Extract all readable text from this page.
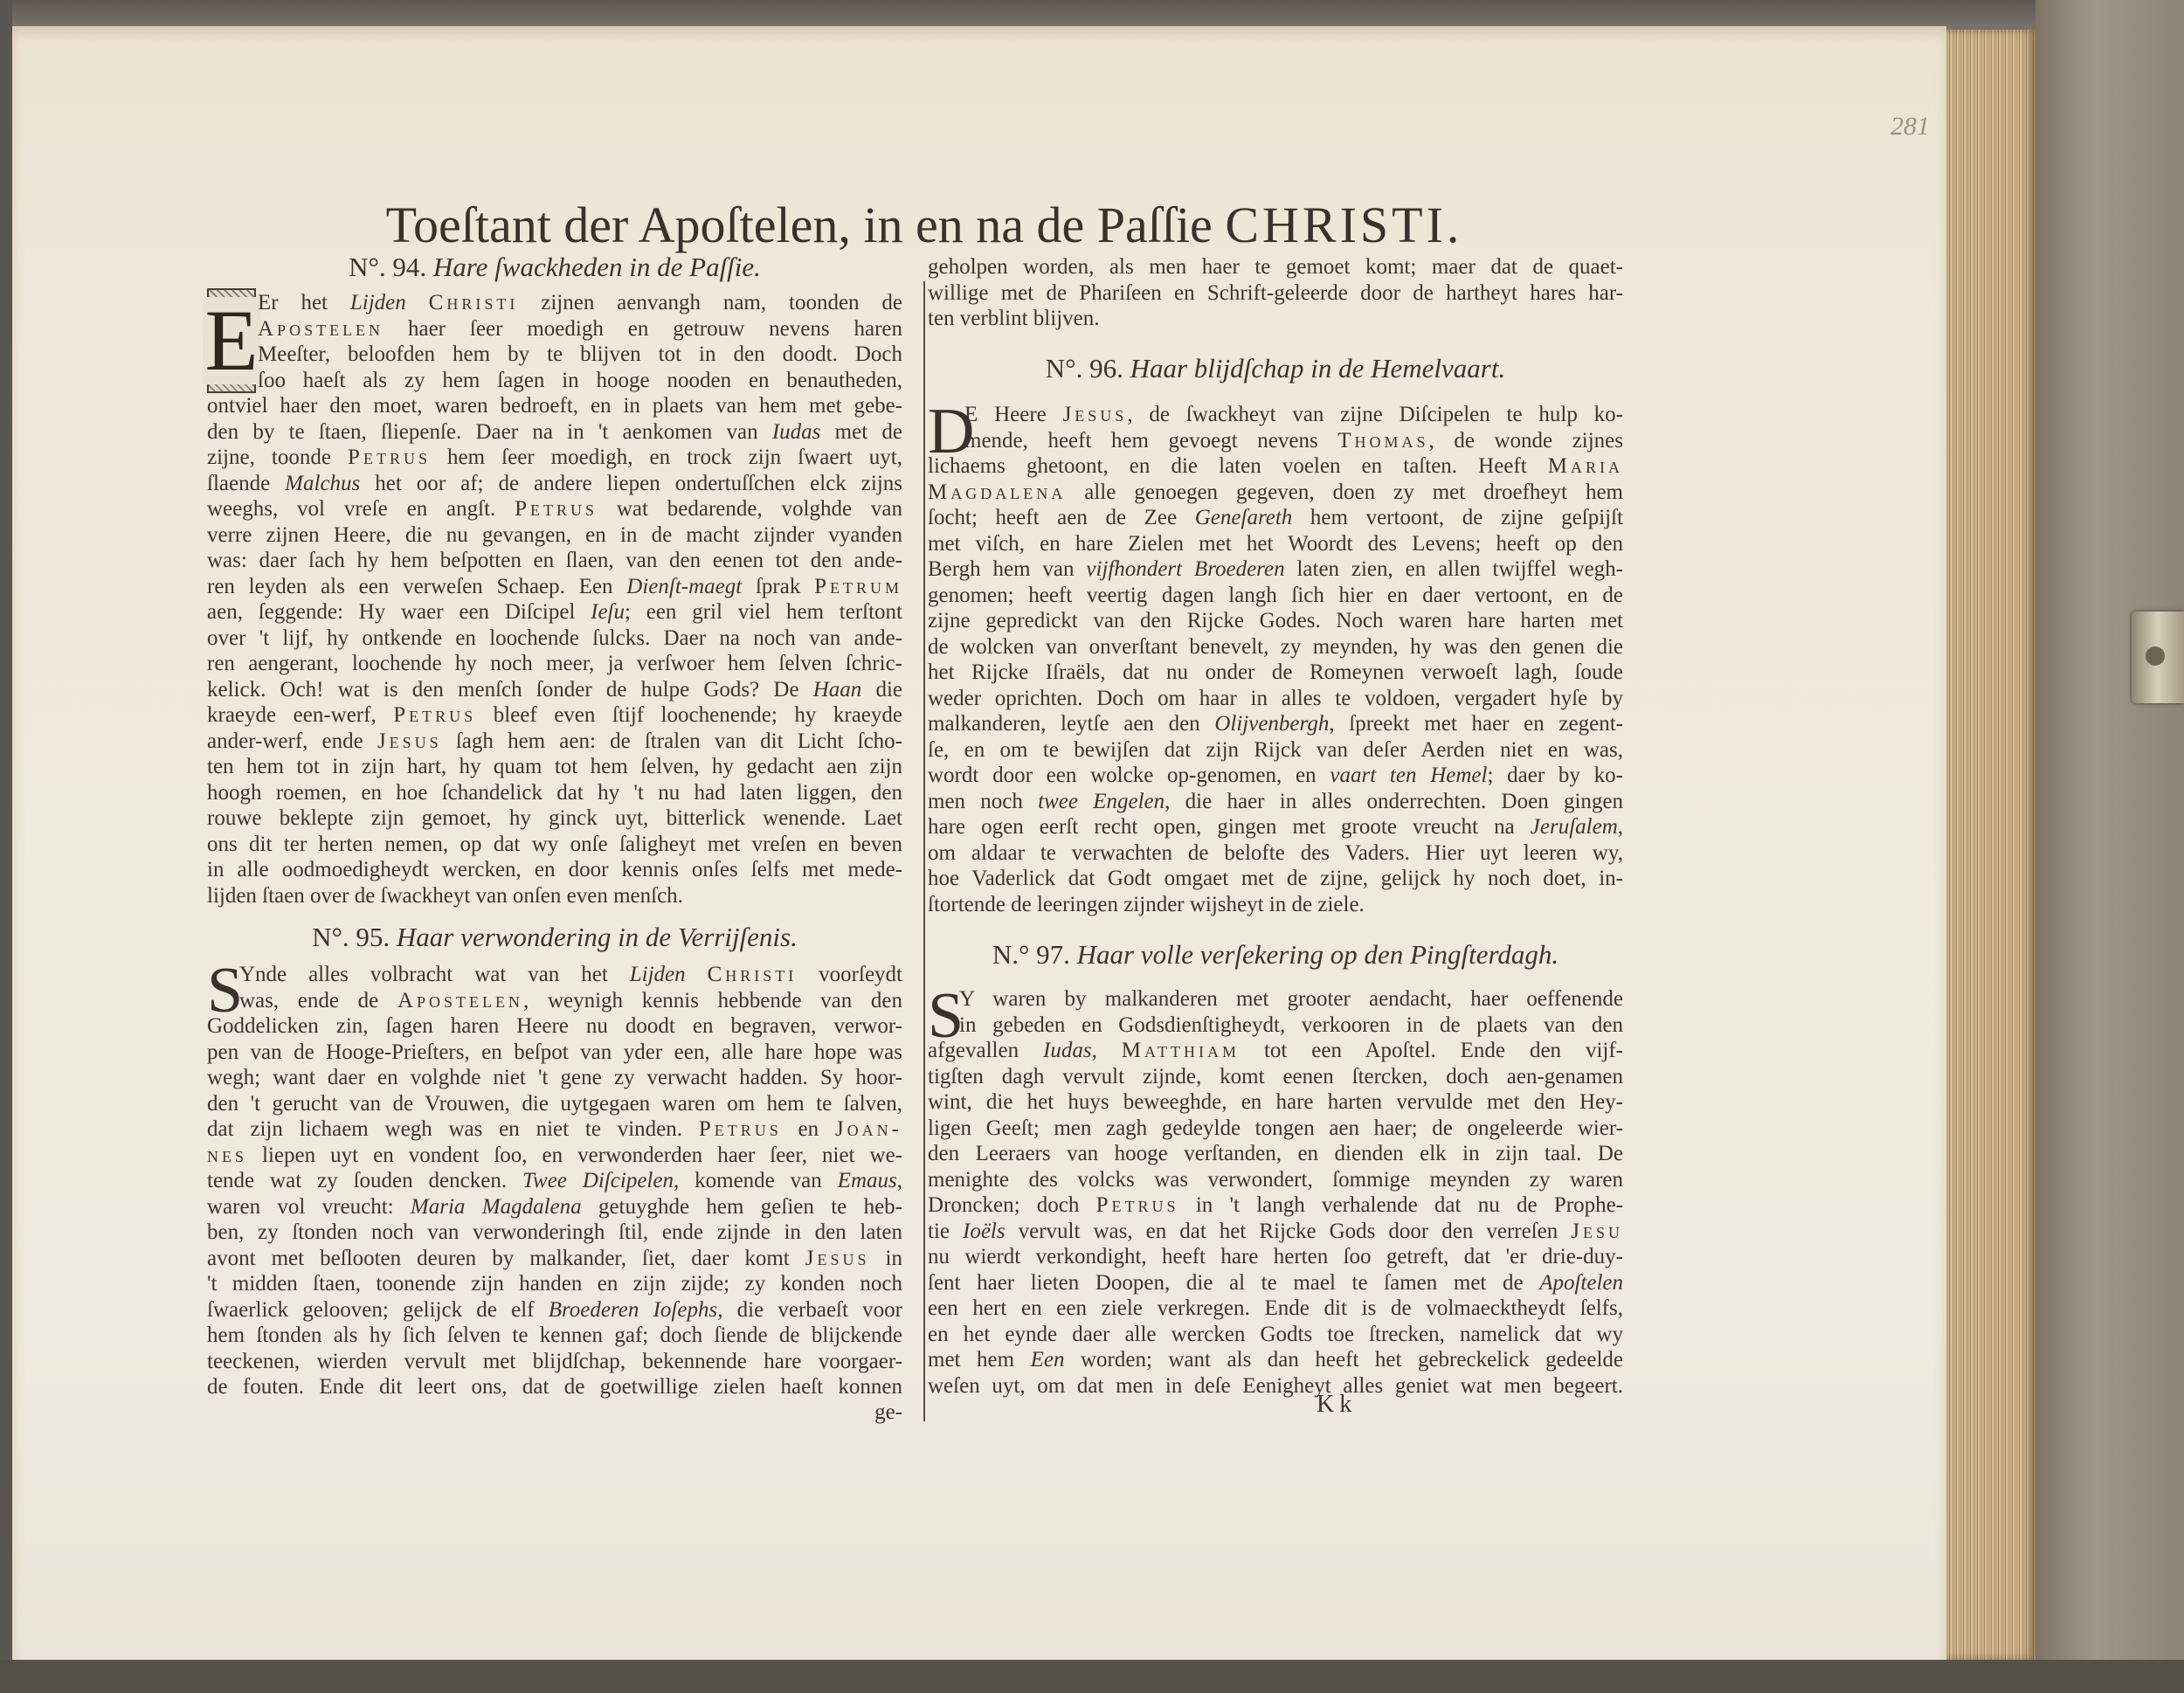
281
Toeſtant der Apoſtelen, in en na de Paſſie CHRISTI.
N°. 94. Hare ſwackheden in de Paſſie.
E Er het Lijden Christi zijnen aenvangh nam, toonden de
Apostelen haer ſeer moedigh en getrouw nevens haren
Meeſter, beloofden hem by te blijven tot in den doodt. Doch
ſoo haeſt als zy hem ſagen in hooge nooden en benautheden,
ontviel haer den moet, waren bedroeft, en in plaets van hem met gebe-
den by te ſtaen, ſliepenſe. Daer na in 't aenkomen van Iudas met de
zijne, toonde Petrus hem ſeer moedigh, en trock zijn ſwaert uyt,
ſlaende Malchus het oor af; de andere liepen ondertuſſchen elck zijns
weeghs, vol vreſe en angſt. Petrus wat bedarende, volghde van
verre zijnen Heere, die nu gevangen, en in de macht zijnder vyanden
was: daer ſach hy hem beſpotten en ſlaen, van den eenen tot den ande-
ren leyden als een verweſen Schaep. Een Dienſt-maegt ſprak Petrum
aen, ſeggende: Hy waer een Diſcipel Ieſu; een gril viel hem terſtont
over 't lijf, hy ontkende en loochende ſulcks. Daer na noch van ande-
ren aengerant, loochende hy noch meer, ja verſwoer hem ſelven ſchric-
kelick. Och! wat is den menſch ſonder de hulpe Gods? De Haan die
kraeyde een-werf, Petrus bleef even ſtijf loochenende; hy kraeyde
ander-werf, ende Jesus ſagh hem aen: de ſtralen van dit Licht ſcho-
ten hem tot in zijn hart, hy quam tot hem ſelven, hy gedacht aen zijn
hoogh roemen, en hoe ſchandelick dat hy 't nu had laten liggen, den
rouwe beklepte zijn gemoet, hy ginck uyt, bitterlick wenende. Laet
ons dit ter herten nemen, op dat wy onſe ſaligheyt met vreſen en beven
in alle oodmoedigheydt wercken, en door kennis onſes ſelfs met mede-
lijden ſtaen over de ſwackheyt van onſen even menſch.
N°. 95. Haar verwondering in de Verrijſenis.
S
Ynde alles volbracht wat van het Lijden Christi voorſeydt
was, ende de Apostelen, weynigh kennis hebbende van den
Goddelicken zin, ſagen haren Heere nu doodt en begraven, verwor-
pen van de Hooge-Prieſters, en beſpot van yder een, alle hare hope was
wegh; want daer en volghde niet 't gene zy verwacht hadden. Sy hoor-
den 't gerucht van de Vrouwen, die uytgegaen waren om hem te ſalven,
dat zijn lichaem wegh was en niet te vinden. Petrus en Joan-
nes liepen uyt en vondent ſoo, en verwonderden haer ſeer, niet we-
tende wat zy ſouden dencken. Twee Diſcipelen, komende van Emaus,
waren vol vreucht: Maria Magdalena getuyghde hem geſien te heb-
ben, zy ſtonden noch van verwonderingh ſtil, ende zijnde in den laten
avont met beſlooten deuren by malkander, ſiet, daer komt Jesus in
't midden ſtaen, toonende zijn handen en zijn zijde; zy konden noch
ſwaerlick gelooven; gelijck de elf Broederen Ioſephs, die verbaeſt voor
hem ſtonden als hy ſich ſelven te kennen gaf; doch ſiende de blijckende
teeckenen, wierden vervult met blijdſchap, bekennende hare voorgaer-
de fouten. Ende dit leert ons, dat de goetwillige zielen haeſt konnen
ge-
geholpen worden, als men haer te gemoet komt; maer dat de quaet-
willige met de Phariſeen en Schrift-geleerde door de hartheyt hares har-
ten verblint blijven.
N°. 96. Haar blijdſchap in de Hemelvaart.
D
E Heere Jesus, de ſwackheyt van zijne Diſcipelen te hulp ko-
mende, heeft hem gevoegt nevens Thomas, de wonde zijnes
lichaems ghetoont, en die laten voelen en taſten. Heeft Maria
Magdalena alle genoegen gegeven, doen zy met droefheyt hem
ſocht; heeft aen de Zee Geneſareth hem vertoont, de zijne geſpijſt
met viſch, en hare Zielen met het Woordt des Levens; heeft op den
Bergh hem van vijfhondert Broederen laten zien, en allen twijffel wegh-
genomen; heeft veertig dagen langh ſich hier en daer vertoont, en de
zijne gepredickt van den Rijcke Godes. Noch waren hare harten met
de wolcken van onverſtant benevelt, zy meynden, hy was den genen die
het Rijcke Iſraëls, dat nu onder de Romeynen verwoeſt lagh, ſoude
weder oprichten. Doch om haar in alles te voldoen, vergadert hyſe by
malkanderen, leytſe aen den Olijvenbergh, ſpreekt met haer en zegent-
ſe, en om te bewijſen dat zijn Rijck van deſer Aerden niet en was,
wordt door een wolcke op-genomen, en vaart ten Hemel; daer by ko-
men noch twee Engelen, die haer in alles onderrechten. Doen gingen
hare ogen eerſt recht open, gingen met groote vreucht na Jeruſalem,
om aldaar te verwachten de belofte des Vaders. Hier uyt leeren wy,
hoe Vaderlick dat Godt omgaet met de zijne, gelijck hy noch doet, in-
ſtortende de leeringen zijnder wijsheyt in de ziele.
N.° 97. Haar volle verſekering op den Pingſterdagh.
S
Y waren by malkanderen met grooter aendacht, haer oeffenende
in gebeden en Godsdienſtigheydt, verkooren in de plaets van den
afgevallen Iudas, Matthiam tot een Apoſtel. Ende den vijf-
tigſten dagh vervult zijnde, komt eenen ſtercken, doch aen-genamen
wint, die het huys beweeghde, en hare harten vervulde met den Hey-
ligen Geeſt; men zagh gedeylde tongen aen haer; de ongeleerde wier-
den Leeraers van hooge verſtanden, en dienden elk in zijn taal. De
menighte des volcks was verwondert, ſommige meynden zy waren
Droncken; doch Petrus in 't langh verhalende dat nu de Prophe-
tie Ioëls vervult was, en dat het Rijcke Gods door den verreſen Jesu
nu wierdt verkondight, heeft hare herten ſoo getreft, dat 'er drie-duy-
ſent haer lieten Doopen, die al te mael te ſamen met de Apoſtelen
een hert en een ziele verkregen. Ende dit is de volmaecktheydt ſelfs,
en het eynde daer alle wercken Godts toe ſtrecken, namelick dat wy
met hem Een worden; want als dan heeft het gebreckelick gedeelde
weſen uyt, om dat men in deſe Eenigheyt alles geniet wat men begeert.
Kk
